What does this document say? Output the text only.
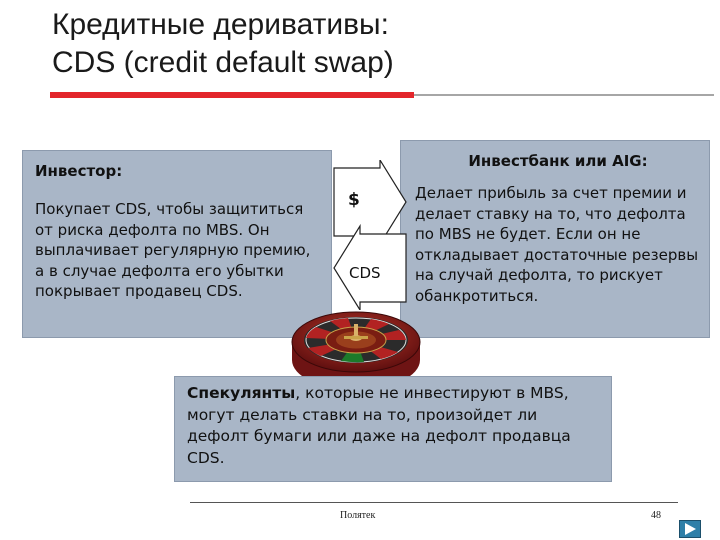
Кредитные деривативы:
CDS (credit default swap)
Инвестор:
Покупает CDS, чтобы защититься от риска дефолта по MBS. Он выплачивает регулярную премию, а в случае дефолта его убытки покрывает продавец CDS.
Инвестбанк или AIG:
Делает прибыль за счет премии и делает ставку на то, что дефолта по MBS не будет. Если он не откладывает достаточные резервы на случай дефолта, то рискует обанкротиться.
$
CDS
Спекулянты, которые не инвестируют в MBS, могут делать ставки на то, произойдет ли дефолт бумаги или даже на дефолт продавца CDS.
Полятек	48
